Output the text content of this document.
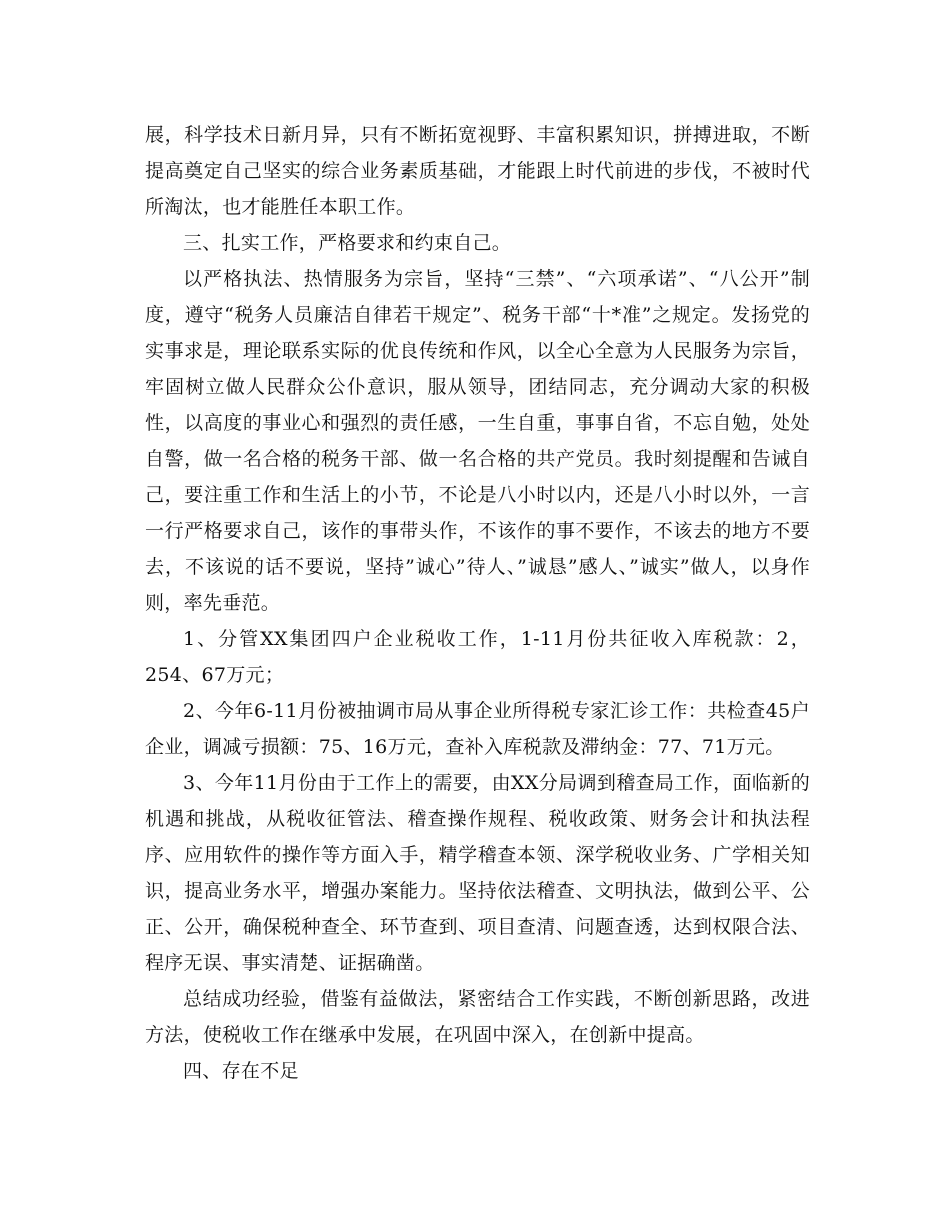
展，科学技术日新月异，只有不断拓宽视野、丰富积累知识，拼搏进取，不断提高奠定自己坚实的综合业务素质基础，才能跟上时代前进的步伐，不被时代所淘汰，也才能胜任本职工作。

三、扎实工作，严格要求和约束自己。

以严格执法、热情服务为宗旨，坚持“三禁”、“六项承诺”、“八公开”制度，遵守“税务人员廉洁自律若干规定”、税务干部“十*准”之规定。发扬党的实事求是，理论联系实际的优良传统和作风，以全心全意为人民服务为宗旨，牢固树立做人民群众公仆意识，服从领导，团结同志，充分调动大家的积极性，以高度的事业心和强烈的责任感，一生自重，事事自省，不忘自勉，处处自警，做一名合格的税务干部、做一名合格的共产党员。我时刻提醒和告诫自己，要注重工作和生活上的小节，不论是八小时以内，还是八小时以外，一言一行严格要求自己，该作的事带头作，不该作的事不要作，不该去的地方不要去，不该说的话不要说，坚持”诚心”待人、”诚恳”感人、”诚实”做人，以身作则，率先垂范。

1、分管XX集团四户企业税收工作，1-11月份共征收入库税款：2，254、67万元；

2、今年6-11月份被抽调市局从事企业所得税专家汇诊工作：共检查45户企业，调减亏损额：75、16万元，查补入库税款及滞纳金：77、71万元。

3、今年11月份由于工作上的需要，由XX分局调到稽查局工作，面临新的机遇和挑战，从税收征管法、稽查操作规程、税收政策、财务会计和执法程序、应用软件的操作等方面入手，精学稽查本领、深学税收业务、广学相关知识，提高业务水平，增强办案能力。坚持依法稽查、文明执法，做到公平、公正、公开，确保税种查全、环节查到、项目查清、问题查透，达到权限合法、程序无误、事实清楚、证据确凿。

总结成功经验，借鉴有益做法，紧密结合工作实践，不断创新思路，改进方法，使税收工作在继承中发展，在巩固中深入，在创新中提高。

四、存在不足
